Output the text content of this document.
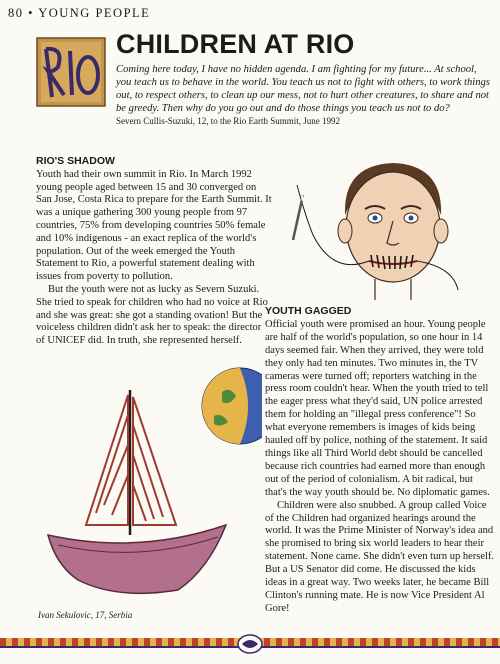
80 • YOUNG PEOPLE
RIO
CHILDREN AT RIO

Coming here today, I have no hidden agenda. I am fighting for my future... At school, you teach us to behave in the world. You teach us not to fight with others, to work things out, to respect others, to clean up our mess, not to hurt other creatures, to share and not be greedy. Then why do you go out and do those things you teach us not to do?

Severn Cullis-Suzuki, 12, to the Rio Earth Summit, June 1992
RIO'S SHADOW

Youth had their own summit in Rio. In March 1992 young people aged between 15 and 30 converged on San Jose, Costa Rica to prepare for the Earth Summit. It was a unique gathering 300 young people from 97 countries, 75% from developing countries 50% female and 10% indigenous - an exact replica of the world's population. Out of the week emerged the Youth Statement to Rio, a powerful statement dealing with issues from poverty to pollution.

But the youth were not as lucky as Severn Suzuki. She tried to speak for children who had no voice at Rio and she was great: she got a standing ovation! But the voiceless children didn't ask her to speak: the director of UNICEF did. In truth, she represented herself.

YOUTH GAGGED

Official youth were promised an hour. Young people are half of the world's population, so one hour in 14 days seemed fair. When they arrived, they were told they only had ten minutes. Two minutes in, the TV cameras were turned off; reporters watching in the press room couldn't hear. When the youth tried to tell the eager press what they'd said, UN police arrested them for holding an "illegal press conference"! So what everyone remembers is images of kids being hauled off by police, nothing of the statement. It said things like all Third World debt should be cancelled because rich countries had earned more than enough out of the period of colonialism. A bit radical, but that's the way youth should be. No diplomatic games.

Children were also snubbed. A group called Voice of the Children had organized hearings around the world. It was the Prime Minister of Norway's idea and she promised to bring six world leaders to hear their statement. None came. She didn't even turn up herself. But a US Senator did come. He discussed the kids ideas in a great way. Two weeks later, he became Bill Clinton's running mate. He is now Vice President Al Gore!

Ivan Sekulovic, 17, Serbia
